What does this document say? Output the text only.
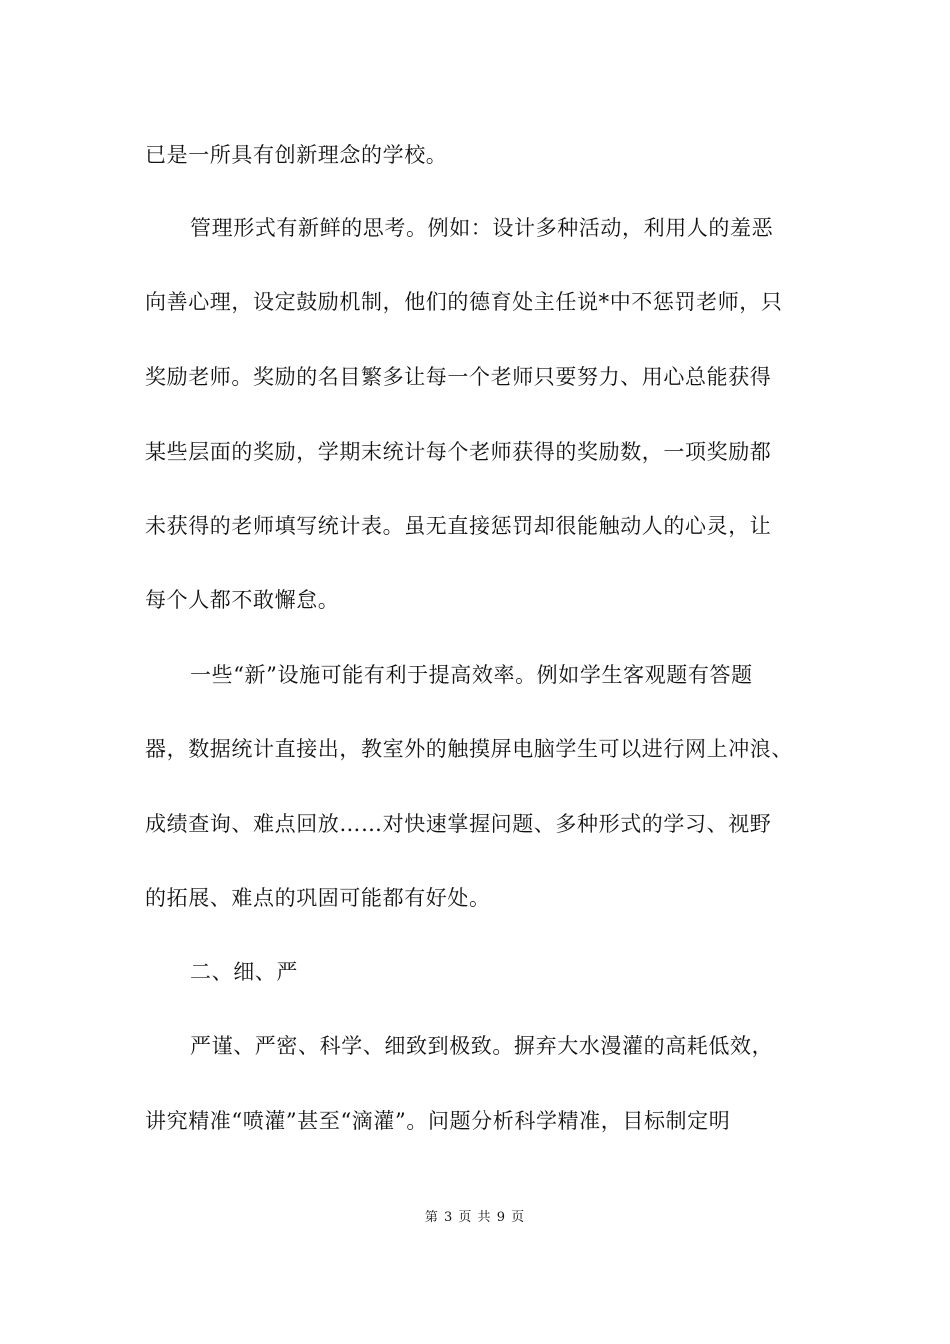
已是一所具有创新理念的学校。
管理形式有新鲜的思考。例如：设计多种活动，利用人的羞恶
向善心理，设定鼓励机制，他们的德育处主任说*中不惩罚老师，只
奖励老师。奖励的名目繁多让每一个老师只要努力、用心总能获得
某些层面的奖励，学期末统计每个老师获得的奖励数，一项奖励都
未获得的老师填写统计表。虽无直接惩罚却很能触动人的心灵，让
每个人都不敢懈怠。
一些“新”设施可能有利于提高效率。例如学生客观题有答题
器，数据统计直接出，教室外的触摸屏电脑学生可以进行网上冲浪、
成绩查询、难点回放……对快速掌握问题、多种形式的学习、视野
的拓展、难点的巩固可能都有好处。
二、细、严
严谨、严密、科学、细致到极致。摒弃大水漫灌的高耗低效，
讲究精准“喷灌”甚至“滴灌”。问题分析科学精准，目标制定明
第 3 页 共 9 页
